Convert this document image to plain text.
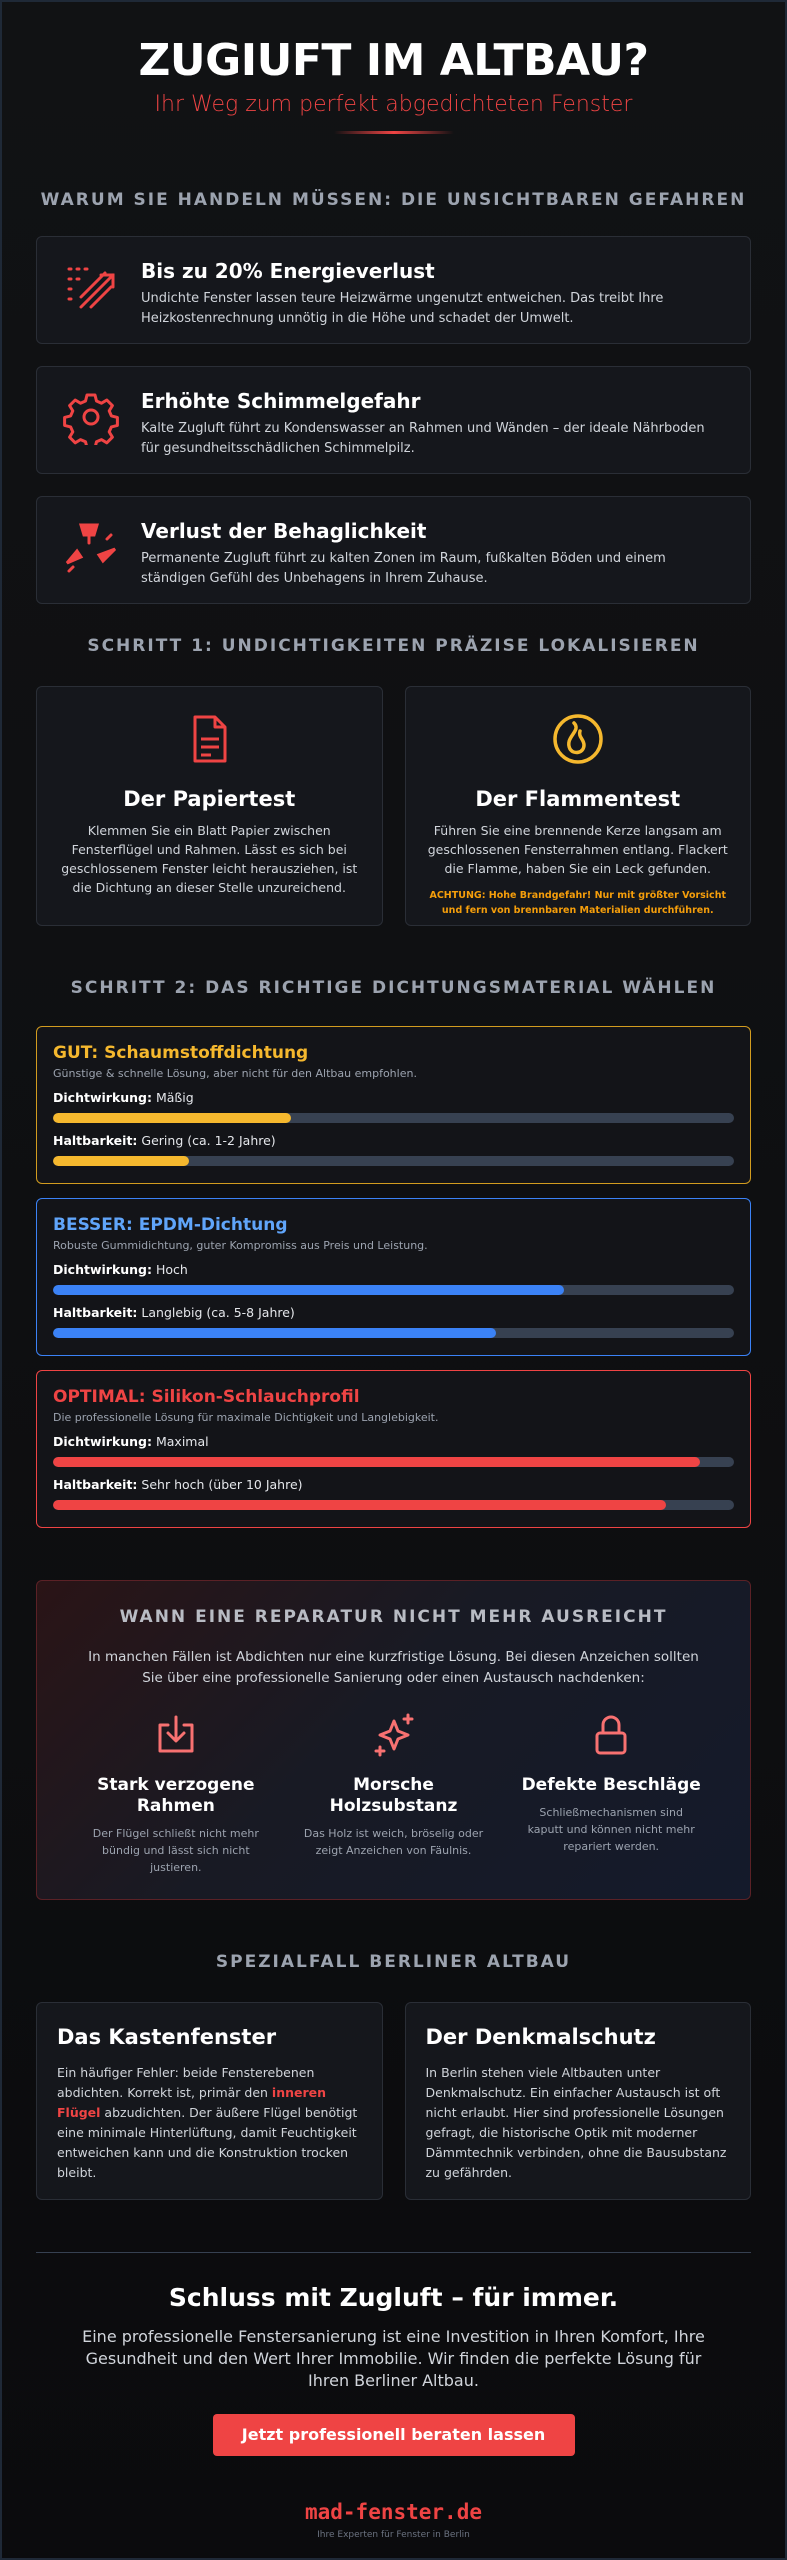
ZUGIUFT IM ALTBAU?
Ihr Weg zum perfekt abgedichteten Fenster
WARUM SIE HANDELN MÜSSEN: DIE UNSICHTBAREN GEFAHREN
Bis zu 20% Energieverlust

Undichte Fenster lassen teure Heizwärme ungenutzt entweichen. Das treibt Ihre Heizkostenrechnung unnötig in die Höhe und schadet der Umwelt.

Erhöhte Schimmelgefahr

Kalte Zugluft führt zu Kondenswasser an Rahmen und Wänden – der ideale Nährboden für gesundheitsschädlichen Schimmelpilz.

Verlust der Behaglichkeit

Permanente Zugluft führt zu kalten Zonen im Raum, fußkalten Böden und einem ständigen Gefühl des Unbehagens in Ihrem Zuhause.

SCHRITT 1: UNDICHTIGKEITEN PRÄZISE LOKALISIEREN
Der Papiertest

Klemmen Sie ein Blatt Papier zwischen Fensterflügel und Rahmen. Lässt es sich bei geschlossenem Fenster leicht herausziehen, ist die Dichtung an dieser Stelle unzureichend.

Der Flammentest

Führen Sie eine brennende Kerze langsam am geschlossenen Fensterrahmen entlang. Flackert die Flamme, haben Sie ein Leck gefunden.

ACHTUNG: Hohe Brandgefahr! Nur mit größter Vorsicht und fern von brennbaren Materialien durchführen.
SCHRITT 2: DAS RICHTIGE DICHTUNGSMATERIAL WÄHLEN
GUT: Schaumstoffdichtung
Günstige & schnelle Lösung, aber nicht für den Altbau empfohlen.
Dichtwirkung: Mäßig
Haltbarkeit: Gering (ca. 1-2 Jahre)
BESSER: EPDM-Dichtung
Robuste Gummidichtung, guter Kompromiss aus Preis und Leistung.
Dichtwirkung: Hoch
Haltbarkeit: Langlebig (ca. 5-8 Jahre)
OPTIMAL: Silikon-Schlauchprofil
Die professionelle Lösung für maximale Dichtigkeit und Langlebigkeit.
Dichtwirkung: Maximal
Haltbarkeit: Sehr hoch (über 10 Jahre)
WANN EINE REPARATUR NICHT MEHR AUSREICHT

In manchen Fällen ist Abdichten nur eine kurzfristige Lösung. Bei diesen Anzeichen sollten Sie über eine professionelle Sanierung oder einen Austausch nachdenken:

Stark verzogene Rahmen

Der Flügel schließt nicht mehr bündig und lässt sich nicht justieren.

Morsche Holzsubstanz

Das Holz ist weich, bröselig oder zeigt Anzeichen von Fäulnis.

Defekte Beschläge

Schließmechanismen sind kaputt und können nicht mehr repariert werden.

SPEZIALFALL BERLINER ALTBAU
Das Kastenfenster

Ein häufiger Fehler: beide Fensterebenen abdichten. Korrekt ist, primär den inneren Flügel abzudichten. Der äußere Flügel benötigt eine minimale Hinterlüftung, damit Feuchtigkeit entweichen kann und die Konstruktion trocken bleibt.

Der Denkmalschutz

In Berlin stehen viele Altbauten unter Denkmalschutz. Ein einfacher Austausch ist oft nicht erlaubt. Hier sind professionelle Lösungen gefragt, die historische Optik mit moderner Dämmtechnik verbinden, ohne die Bausubstanz zu gefährden.

Schluss mit Zugluft – für immer.

Eine professionelle Fenstersanierung ist eine Investition in Ihren Komfort, Ihre Gesundheit und den Wert Ihrer Immobilie. Wir finden die perfekte Lösung für Ihren Berliner Altbau.

Jetzt professionell beraten lassen
mad-fenster.de
Ihre Experten für Fenster in Berlin
